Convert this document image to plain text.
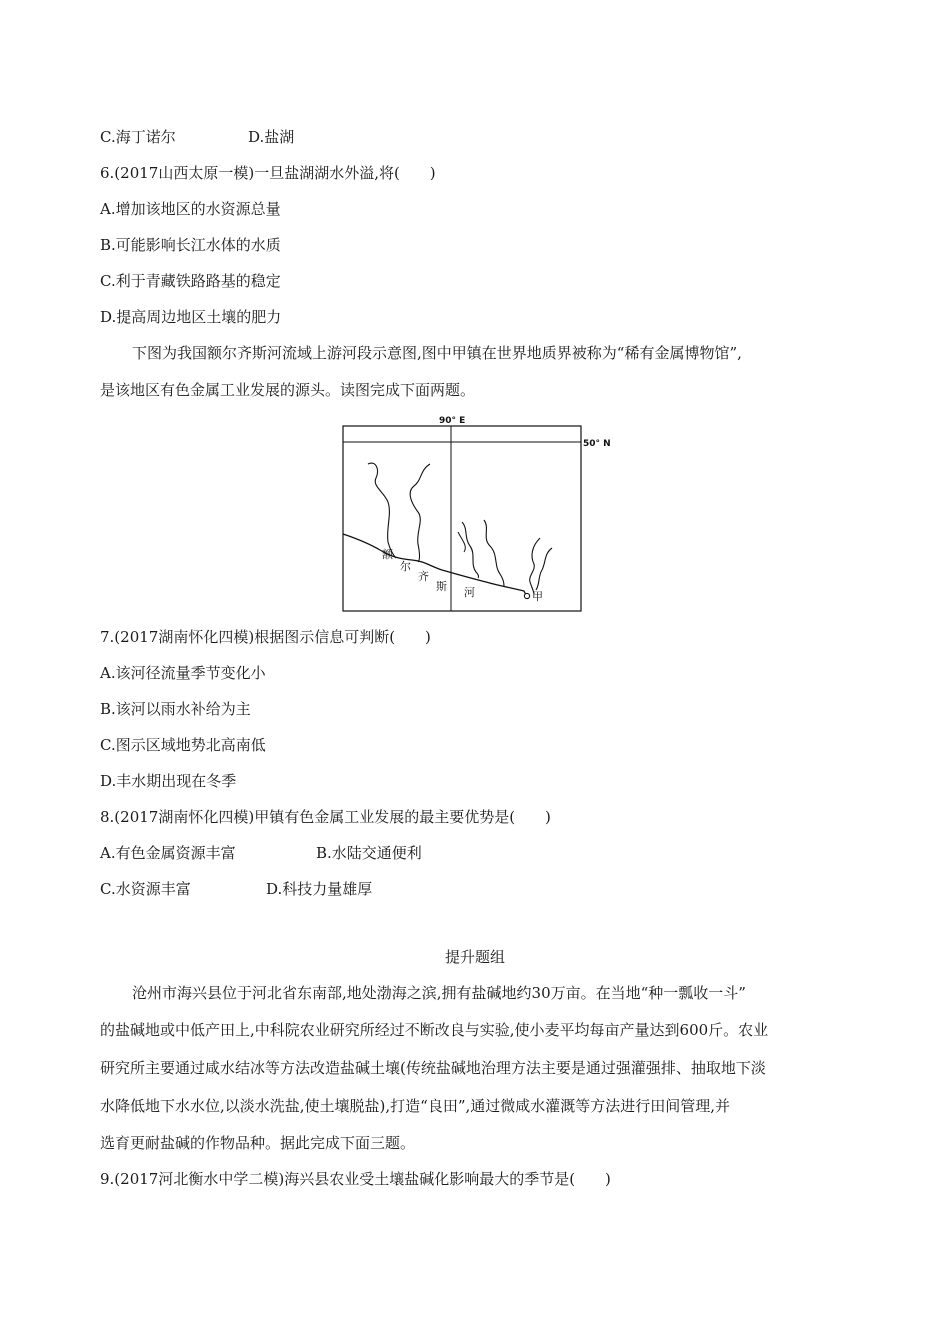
C.海丁诺尔	D.盐湖
6.(2017山西太原一模)一旦盐湖湖水外溢,将(　　)
A.增加该地区的水资源总量
B.可能影响长江水体的水质
C.利于青藏铁路路基的稳定
D.提高周边地区土壤的肥力
下图为我国额尔齐斯河流域上游河段示意图,图中甲镇在世界地质界被称为“稀有金属博物馆”,
是该地区有色金属工业发展的源头。读图完成下面两题。
90° E
50° N
甲
额
尔
齐
斯 河
7.(2017湖南怀化四模)根据图示信息可判断(　　)
A.该河径流量季节变化小
B.该河以雨水补给为主
C.图示区域地势北高南低
D.丰水期出现在冬季
8.(2017湖南怀化四模)甲镇有色金属工业发展的最主要优势是(　　)
A.有色金属资源丰富	B.水陆交通便利
C.水资源丰富	D.科技力量雄厚
提升题组
沧州市海兴县位于河北省东南部,地处渤海之滨,拥有盐碱地约30万亩。在当地“种一瓢收一斗”
的盐碱地或中低产田上,中科院农业研究所经过不断改良与实验,使小麦平均每亩产量达到600斤。农业
研究所主要通过咸水结冰等方法改造盐碱土壤(传统盐碱地治理方法主要是通过强灌强排、抽取地下淡
水降低地下水水位,以淡水洗盐,使土壤脱盐),打造“良田”,通过微咸水灌溉等方法进行田间管理,并
选育更耐盐碱的作物品种。据此完成下面三题。
9.(2017河北衡水中学二模)海兴县农业受土壤盐碱化影响最大的季节是(　　)
